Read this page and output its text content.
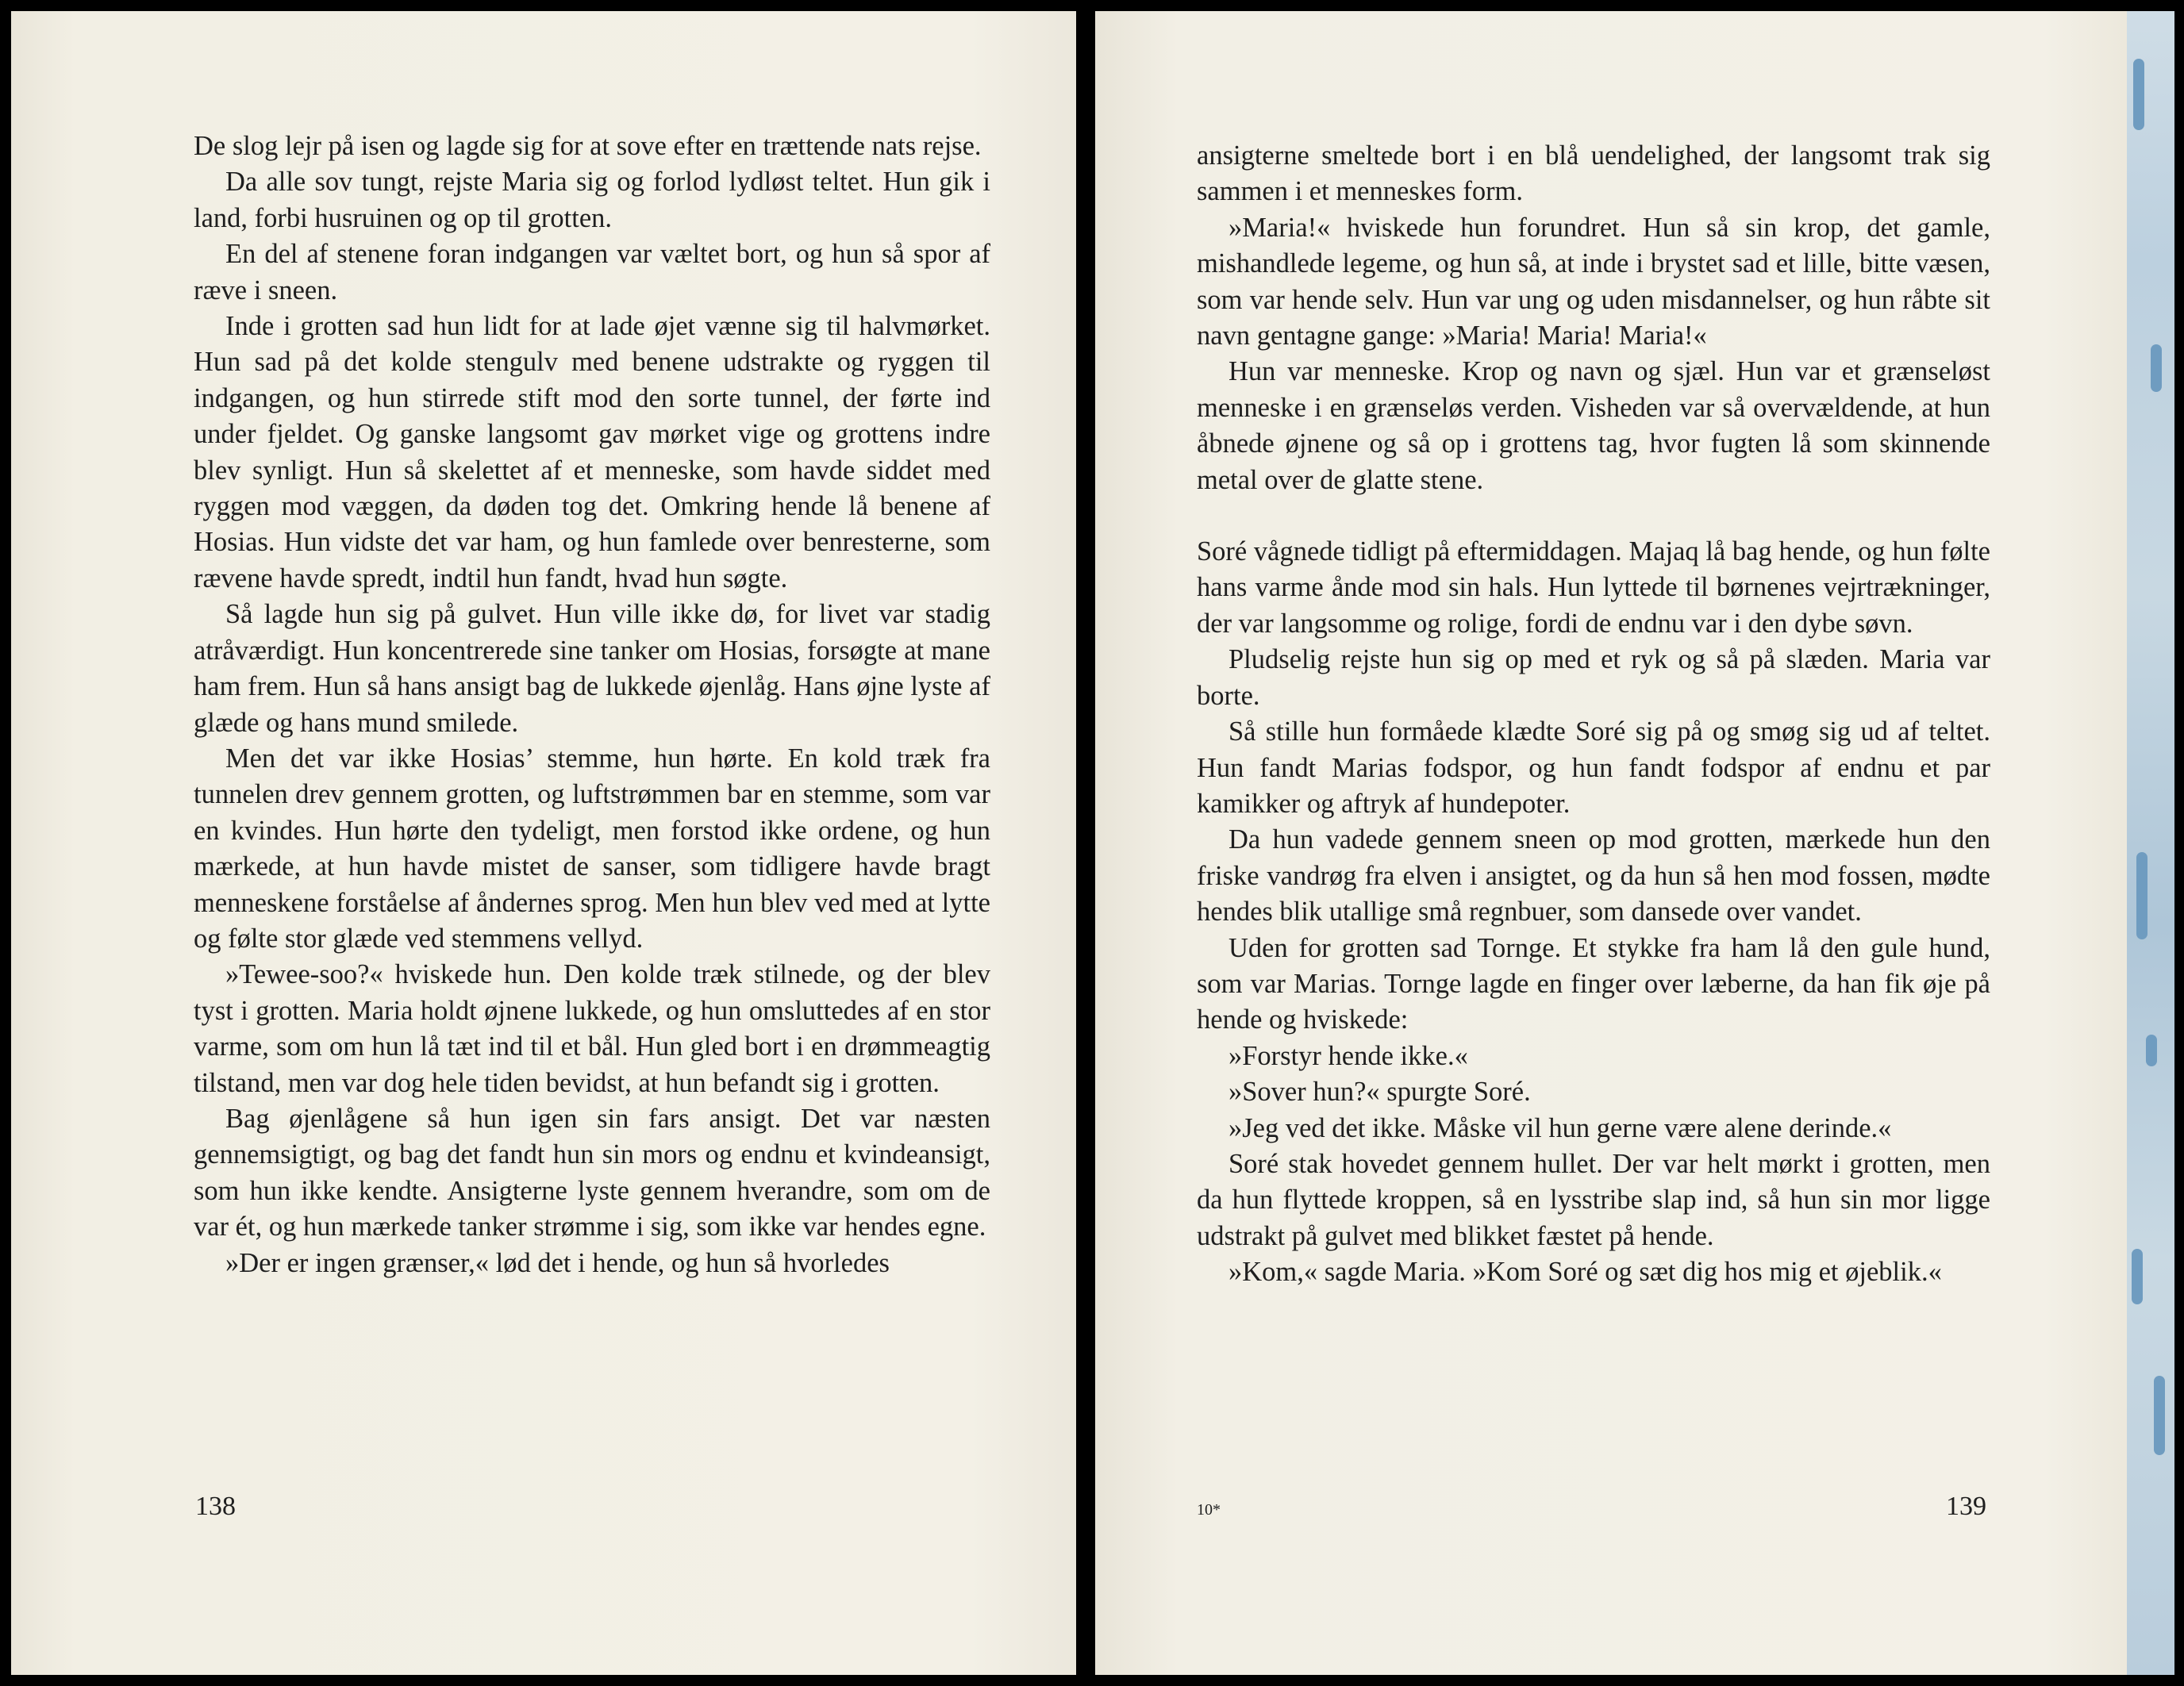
De slog lejr på isen og lagde sig for at sove efter en trættende nats rejse.

Da alle sov tungt, rejste Maria sig og forlod lydløst teltet. Hun gik i land, forbi husruinen og op til grotten.

En del af stenene foran indgangen var væltet bort, og hun så spor af ræve i sneen.

Inde i grotten sad hun lidt for at lade øjet vænne sig til halvmørket. Hun sad på det kolde stengulv med benene udstrakte og ryggen til indgangen, og hun stirrede stift mod den sorte tunnel, der førte ind under fjeldet. Og ganske langsomt gav mørket vige og grottens indre blev synligt. Hun så skelettet af et menneske, som havde siddet med ryggen mod væggen, da døden tog det. Omkring hende lå benene af Hosias. Hun vidste det var ham, og hun famlede over benresterne, som rævene havde spredt, indtil hun fandt, hvad hun søgte.

Så lagde hun sig på gulvet. Hun ville ikke dø, for livet var stadig atråværdigt. Hun koncentrerede sine tanker om Hosias, forsøgte at mane ham frem. Hun så hans ansigt bag de lukkede øjenlåg. Hans øjne lyste af glæde og hans mund smilede.

Men det var ikke Hosias’ stemme, hun hørte. En kold træk fra tunnelen drev gennem grotten, og luftstrømmen bar en stemme, som var en kvindes. Hun hørte den tydeligt, men forstod ikke ordene, og hun mærkede, at hun havde mistet de sanser, som tidligere havde bragt menneskene forståelse af åndernes sprog. Men hun blev ved med at lytte og følte stor glæde ved stemmens vellyd.

»Tewee-soo?« hviskede hun. Den kolde træk stilnede, og der blev tyst i grotten. Maria holdt øjnene lukkede, og hun omsluttedes af en stor varme, som om hun lå tæt ind til et bål. Hun gled bort i en drømmeagtig tilstand, men var dog hele tiden bevidst, at hun befandt sig i grotten.

Bag øjenlågene så hun igen sin fars ansigt. Det var næsten gennemsigtigt, og bag det fandt hun sin mors og endnu et kvindeansigt, som hun ikke kendte. Ansigterne lyste gennem hverandre, som om de var ét, og hun mærkede tanker strømme i sig, som ikke var hendes egne.

»Der er ingen grænser,« lød det i hende, og hun så hvorledes

138

ansigterne smeltede bort i en blå uendelighed, der langsomt trak sig sammen i et menneskes form.

»Maria!« hviskede hun forundret. Hun så sin krop, det gamle, mishandlede legeme, og hun så, at inde i brystet sad et lille, bitte væsen, som var hende selv. Hun var ung og uden misdannelser, og hun råbte sit navn gentagne gange: »Maria! Maria! Maria!«

Hun var menneske. Krop og navn og sjæl. Hun var et grænseløst menneske i en grænseløs verden. Visheden var så overvældende, at hun åbnede øjnene og så op i grottens tag, hvor fugten lå som skinnende metal over de glatte stene.

Soré vågnede tidligt på eftermiddagen. Majaq lå bag hende, og hun følte hans varme ånde mod sin hals. Hun lyttede til børnenes vejrtrækninger, der var langsomme og rolige, fordi de endnu var i den dybe søvn.

Pludselig rejste hun sig op med et ryk og så på slæden. Maria var borte.

Så stille hun formåede klædte Soré sig på og smøg sig ud af teltet. Hun fandt Marias fodspor, og hun fandt fodspor af endnu et par kamikker og aftryk af hundepoter.

Da hun vadede gennem sneen op mod grotten, mærkede hun den friske vandrøg fra elven i ansigtet, og da hun så hen mod fossen, mødte hendes blik utallige små regnbuer, som dansede over vandet.

Uden for grotten sad Tornge. Et stykke fra ham lå den gule hund, som var Marias. Tornge lagde en finger over læberne, da han fik øje på hende og hviskede:

»Forstyr hende ikke.«

»Sover hun?« spurgte Soré.

»Jeg ved det ikke. Måske vil hun gerne være alene derinde.«

Soré stak hovedet gennem hullet. Der var helt mørkt i grotten, men da hun flyttede kroppen, så en lysstribe slap ind, så hun sin mor ligge udstrakt på gulvet med blikket fæstet på hende.

»Kom,« sagde Maria. »Kom Soré og sæt dig hos mig et øjeblik.«

10*	139
